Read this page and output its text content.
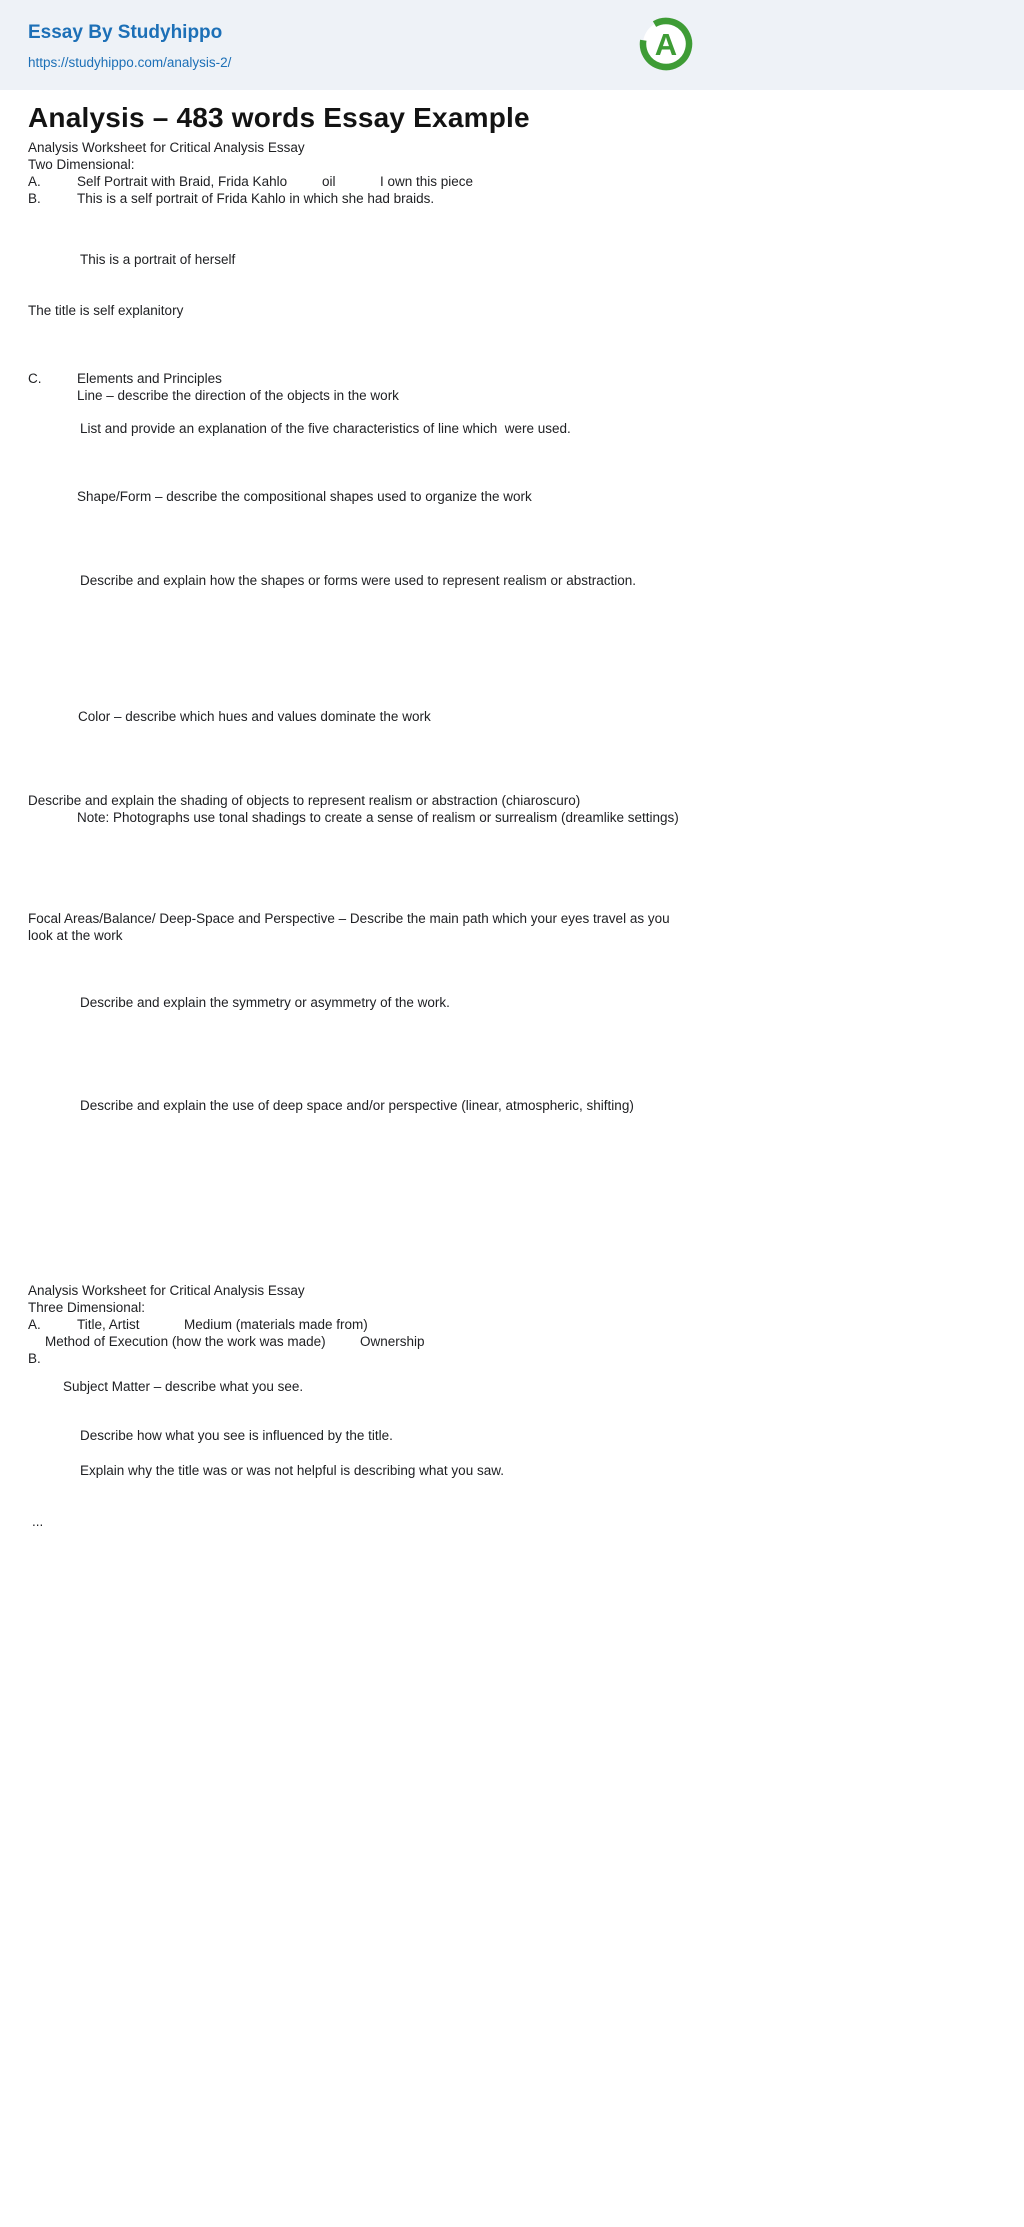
Essay By Studyhippo
https://studyhippo.com/analysis-2/
A
Analysis – 483 words Essay Example
Analysis Worksheet for Critical Analysis Essay
Two Dimensional:
A.	Self Portrait with Braid, Frida Kahlo	oil	I own this piece
B.	This is a self portrait of Frida Kahlo in which she had braids.
This is a portrait of herself
The title is self explanitory
C.	Elements and Principles
Line – describe the direction of the objects in the work
List and provide an explanation of the five characteristics of line which  were used.
Shape/Form – describe the compositional shapes used to organize the work
Describe and explain how the shapes or forms were used to represent realism or abstraction.
Color – describe which hues and values dominate the work
Describe and explain the shading of objects to represent realism or abstraction (chiaroscuro)
Note: Photographs use tonal shadings to create a sense of realism or surrealism (dreamlike settings)
Focal Areas/Balance/ Deep-Space and Perspective – Describe the main path which your eyes travel as you look at the work
Describe and explain the symmetry or asymmetry of the work.
Describe and explain the use of deep space and/or perspective (linear, atmospheric, shifting)
Analysis Worksheet for Critical Analysis Essay
Three Dimensional:
A.	Title, Artist	Medium (materials made from)
Method of Execution (how the work was made)	Ownership
B.
Subject Matter – describe what you see.
Describe how what you see is influenced by the title.
Explain why the title was or was not helpful is describing what you saw.
...
